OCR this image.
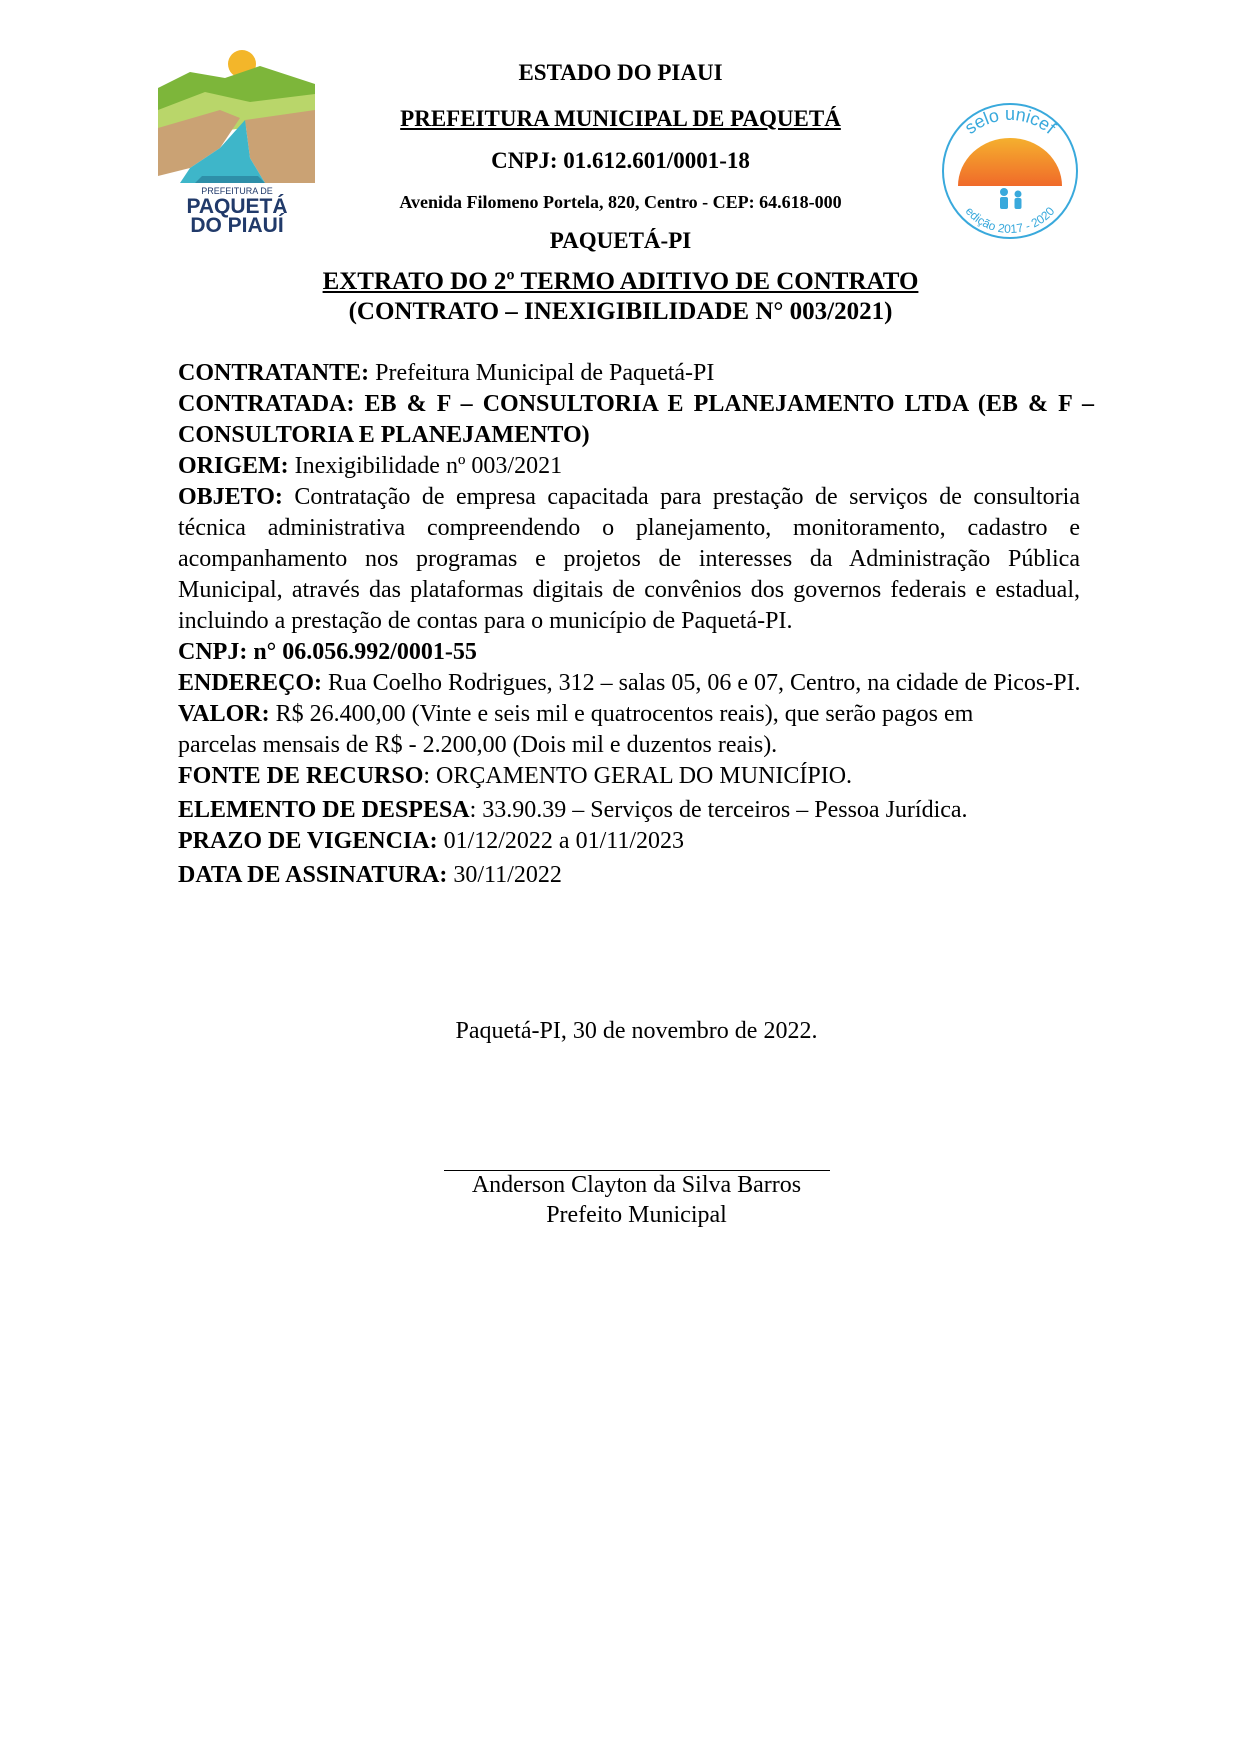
PREFEITURA DE
PAQUETÁ
DO PIAUÍ
selo unicef
edição 2017 - 2020
ESTADO DO PIAUI
PREFEITURA MUNICIPAL DE PAQUETÁ
CNPJ: 01.612.601/0001-18
Avenida Filomeno Portela, 820, Centro - CEP: 64.618-000
PAQUETÁ-PI
EXTRATO DO 2º TERMO ADITIVO DE CONTRATO
(CONTRATO – INEXIGIBILIDADE N° 003/2021)

CONTRATANTE: Prefeitura Municipal de Paquetá-PI

CONTRATADA: EB & F – CONSULTORIA E PLANEJAMENTO LTDA (EB & F – CONSULTORIA E PLANEJAMENTO)

ORIGEM: Inexigibilidade nº 003/2021

OBJETO: Contratação de empresa capacitada para prestação de serviços de consultoria técnica administrativa compreendendo o planejamento, monitoramento, cadastro e acompanhamento nos programas e projetos de interesses da Administração Pública Municipal, através das plataformas digitais de convênios dos governos federais e estadual, incluindo a prestação de contas para o município de Paquetá-PI.

CNPJ: n° 06.056.992/0001-55

ENDEREÇO: Rua Coelho Rodrigues, 312 – salas 05, 06 e 07, Centro, na cidade de Picos-PI.

VALOR: R$ 26.400,00 (Vinte e seis mil e quatrocentos reais), que serão pagos em parcelas mensais de R$ - 2.200,00 (Dois mil e duzentos reais).

FONTE DE RECURSO: ORÇAMENTO GERAL DO MUNICÍPIO.

ELEMENTO DE DESPESA: 33.90.39 – Serviços de terceiros – Pessoa Jurídica.

PRAZO DE VIGENCIA: 01/12/2022 a 01/11/2023

DATA DE ASSINATURA: 30/11/2022

Paquetá-PI, 30 de novembro de 2022.
Anderson Clayton da Silva Barros
Prefeito Municipal
